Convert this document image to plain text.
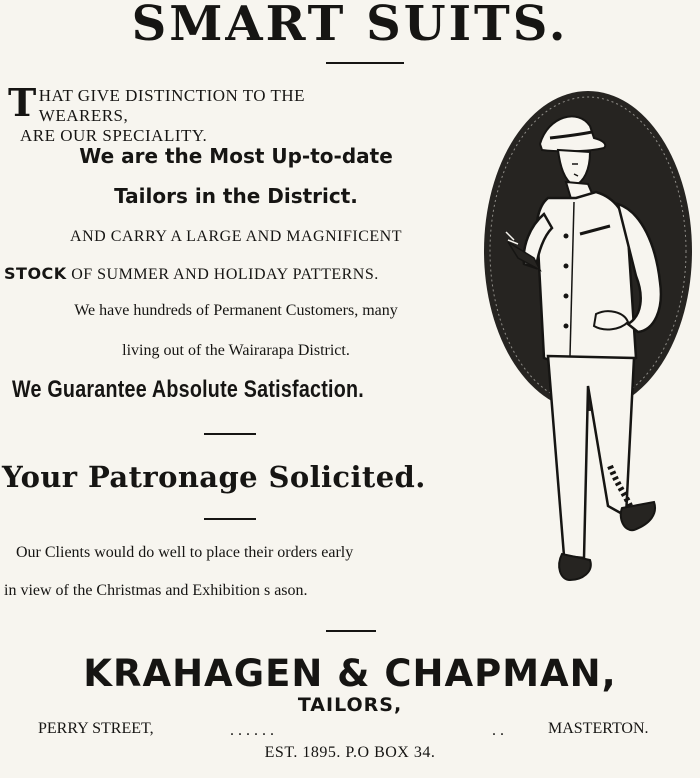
SMART SUITS.
T HAT GIVE DISTINCTION TO THE WEARERS,
ARE OUR SPECIALITY.
We are the Most Up-to-date
Tailors in the District.
AND CARRY A LARGE AND MAGNIFICENT
STOCK OF SUMMER AND HOLIDAY PATTERNS.
We have hundreds of Permanent Customers, many
living out of the Wairarapa District.
We Guarantee Absolute Satisfaction.
Your Patronage Solicited.
Our Clients would do well to place their orders early
in view of the Christmas and Exhibition s ason.
KRAHAGEN & CHAPMAN,
TAILORS,
PERRY STREET,	. . . . . .	. .	MASTERTON.
EST. 1895. P.O BOX 34.
